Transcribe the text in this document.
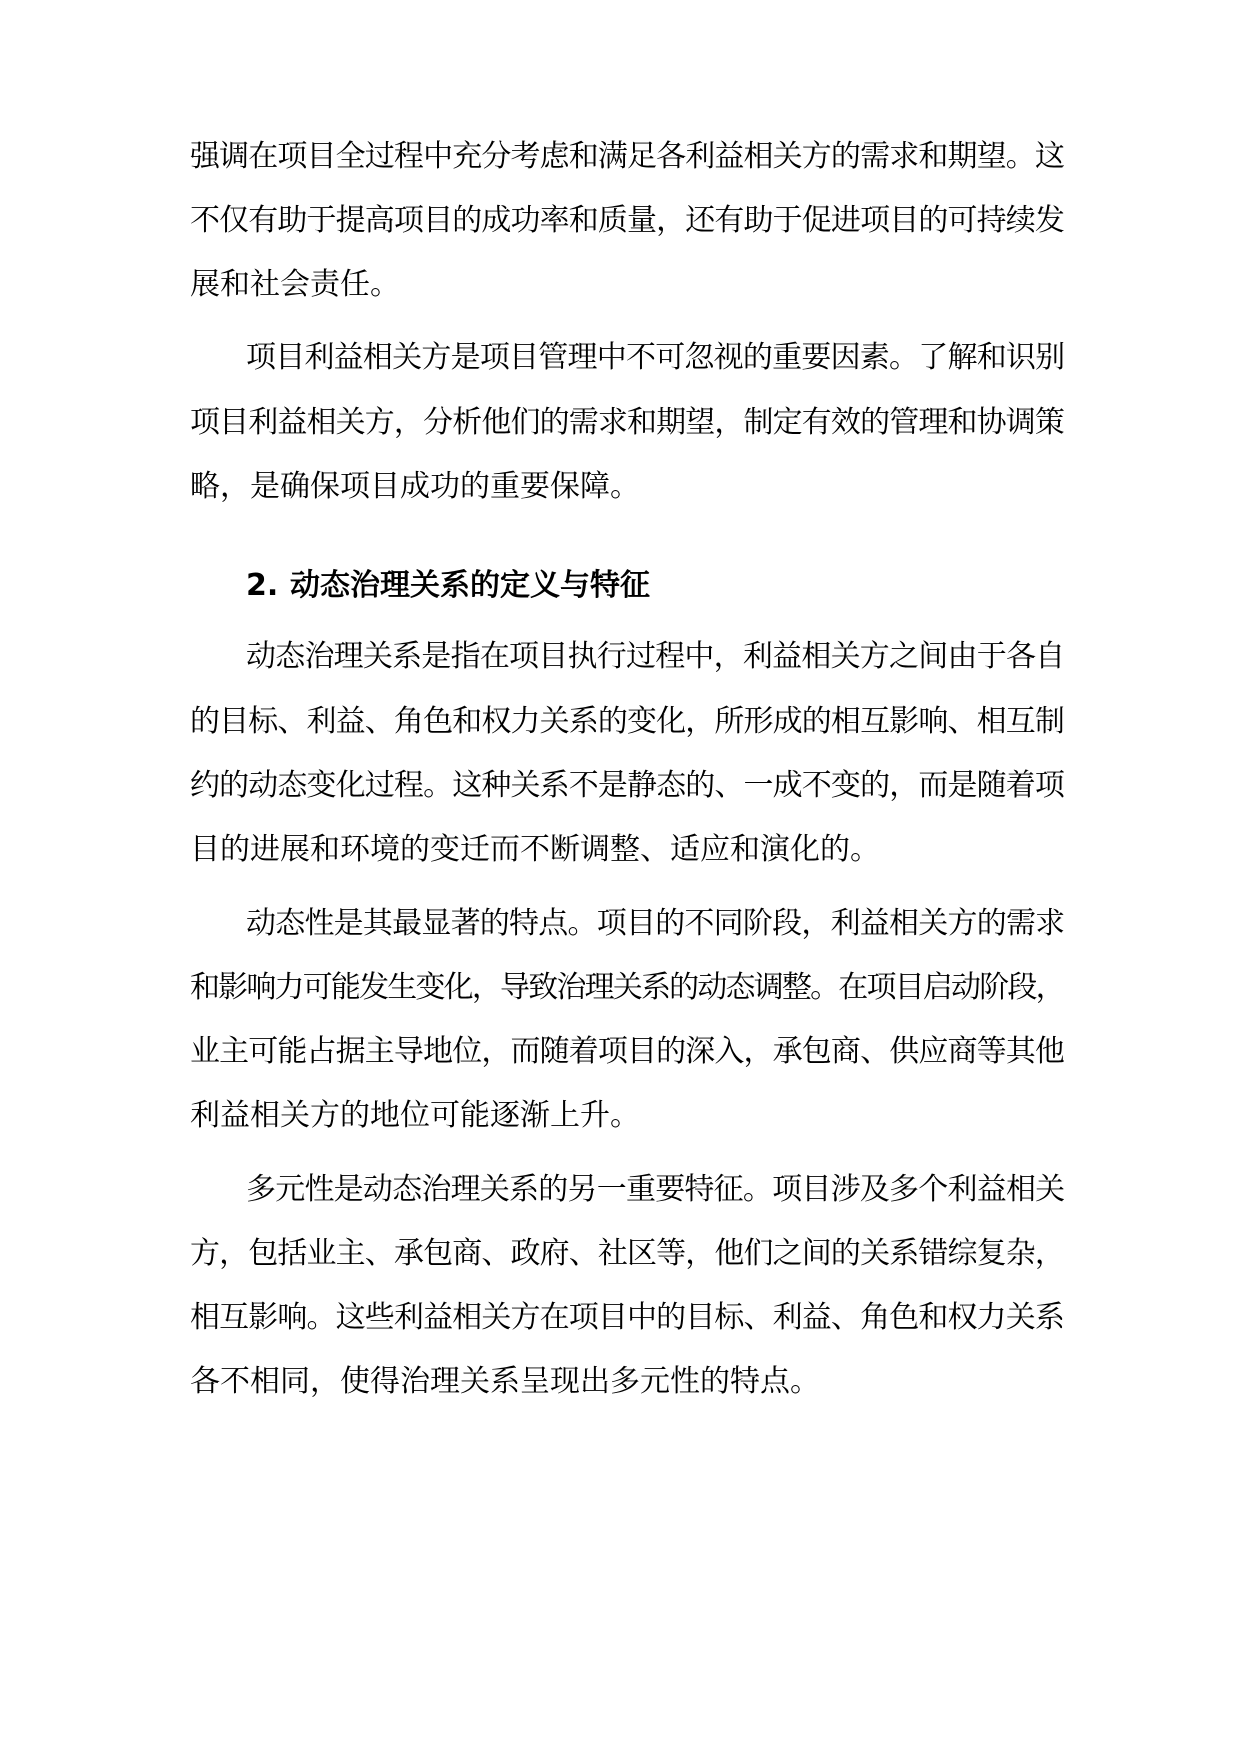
强调在项目全过程中充分考虑和满足各利益相关方的需求和期望。这
不仅有助于提高项目的成功率和质量，还有助于促进项目的可持续发
展和社会责任。
项目利益相关方是项目管理中不可忽视的重要因素。了解和识别
项目利益相关方，分析他们的需求和期望，制定有效的管理和协调策
略，是确保项目成功的重要保障。
2. 动态治理关系的定义与特征
动态治理关系是指在项目执行过程中，利益相关方之间由于各自
的目标、利益、角色和权力关系的变化，所形成的相互影响、相互制
约的动态变化过程。这种关系不是静态的、一成不变的，而是随着项
目的进展和环境的变迁而不断调整、适应和演化的。
动态性是其最显著的特点。项目的不同阶段，利益相关方的需求
和影响力可能发生变化，导致治理关系的动态调整。在项目启动阶段，
业主可能占据主导地位，而随着项目的深入，承包商、供应商等其他
利益相关方的地位可能逐渐上升。
多元性是动态治理关系的另一重要特征。项目涉及多个利益相关
方，包括业主、承包商、政府、社区等，他们之间的关系错综复杂，
相互影响。这些利益相关方在项目中的目标、利益、角色和权力关系
各不相同，使得治理关系呈现出多元性的特点。
